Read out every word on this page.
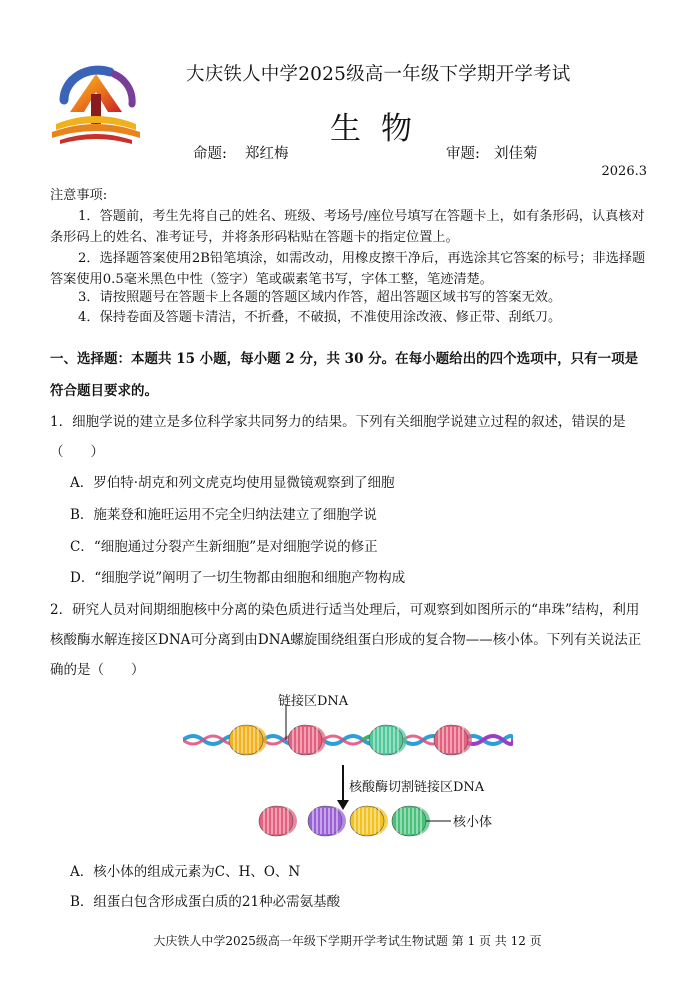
大庆铁人中学2025级高一年级下学期开学考试
生物
命题: 郑红梅	审题: 刘佳菊
2026.3
注意事项:
1．答题前，考生先将自己的姓名、班级、考场号/座位号填写在答题卡上，如有条形码，认真核对条形码上的姓名、准考证号，并将条形码粘贴在答题卡的指定位置上。
2．选择题答案使用2B铅笔填涂，如需改动，用橡皮擦干净后，再选涂其它答案的标号；非选择题答案使用0.5毫米黑色中性（签字）笔或碳素笔书写，字体工整，笔迹清楚。
3．请按照题号在答题卡上各题的答题区域内作答，超出答题区域书写的答案无效。
4．保持卷面及答题卡清洁，不折叠，不破损，不准使用涂改液、修正带、刮纸刀。
一、选择题：本题共 15 小题，每小题 2 分，共 30 分。在每小题给出的四个选项中，只有一项是符合题目要求的。
1．细胞学说的建立是多位科学家共同努力的结果。下列有关细胞学说建立过程的叙述，错误的是（　　）
A．罗伯特·胡克和列文虎克均使用显微镜观察到了细胞
B．施莱登和施旺运用不完全归纳法建立了细胞学说
C．“细胞通过分裂产生新细胞”是对细胞学说的修正
D．“细胞学说”阐明了一切生物都由细胞和细胞产物构成
2．研究人员对间期细胞核中分离的染色质进行适当处理后，可观察到如图所示的“串珠”结构，利用核酸酶水解连接区DNA可分离到由DNA螺旋围绕组蛋白形成的复合物——核小体。下列有关说法正确的是（　　）
链接区DNA
核酸酶切割链接区DNA
核小体
A．核小体的组成元素为C、H、O、N
B．组蛋白包含形成蛋白质的21种必需氨基酸
大庆铁人中学2025级高一年级下学期开学考试生物试题 第 1 页 共 12 页
